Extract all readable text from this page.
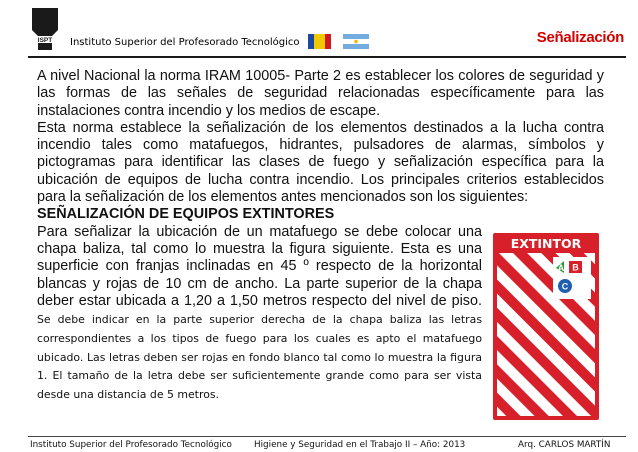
ISPT Instituto Superior del Profesorado Tecnológico	Señalización

A nivel Nacional la norma IRAM 10005- Parte 2 es establecer los colores de seguridad y las formas de las señales de seguridad relacionadas específicamente para las instalaciones contra incendio y los medios de escape.

Esta norma establece la señalización de los elementos destinados a la lucha contra incendio tales como matafuegos, hidrantes, pulsadores de alarmas, símbolos y pictogramas para identificar las clases de fuego y señalización específica para la ubicación de equipos de lucha contra incendio. Los principales criterios establecidos para la señalización de los elementos antes mencionados son los siguientes:

SEÑALIZACIÓN DE EQUIPOS EXTINTORES

Para señalizar la ubicación de un matafuego se debe colocar una chapa baliza, tal como lo muestra la figura siguiente. Esta es una superficie con franjas inclinadas en 45 º respecto de la horizontal blancas y rojas de 10 cm de ancho. La parte superior de la chapa deber estar ubicada a 1,20 a 1,50 metros respecto del nivel de piso. Se debe indicar en la parte superior derecha de la chapa baliza las letras correspondientes a los tipos de fuego para los cuales es apto el matafuego ubicado. Las letras deben ser rojas en fondo blanco tal como lo muestra la figura 1. El tamaño de la letra debe ser suficientemente grande como para ser vista desde una distancia de 5 metros.

EXTINTOR
A B
C
Instituto Superior del Profesorado Tecnológico	Higiene y Seguridad en el Trabajo II – Año: 2013	Arq. CARLOS MARTÍN
